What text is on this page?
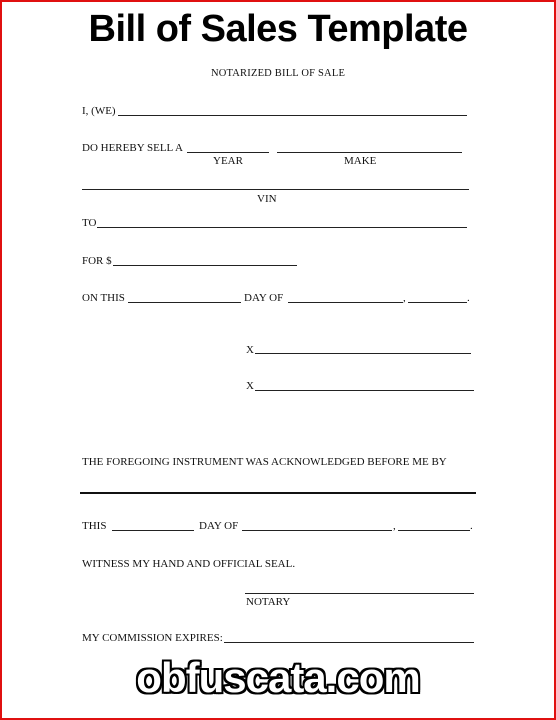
Bill of Sales Template
NOTARIZED BILL OF SALE
I, (WE)
DO HEREBY SELL A
YEAR	MAKE
VIN
TO
FOR $
ON THIS	DAY OF	,	.
X
X
THE FOREGOING INSTRUMENT WAS ACKNOWLEDGED BEFORE ME BY
THIS	DAY OF	,	.
WITNESS MY HAND AND OFFICIAL SEAL.
NOTARY
MY COMMISSION EXPIRES:
obfuscata.com
